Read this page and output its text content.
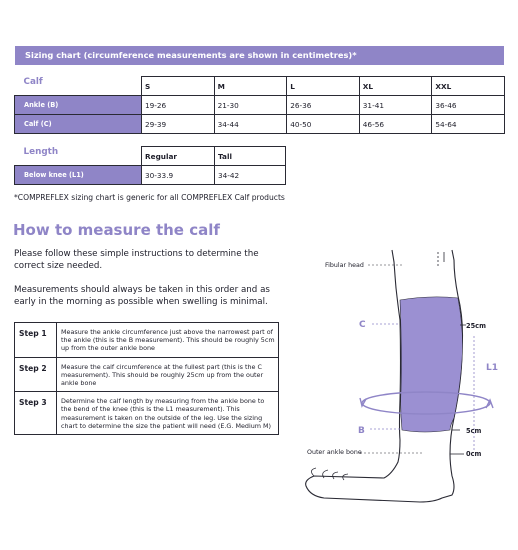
Sizing chart (circumference measurements are shown in centimetres)*
Calf	S	M	L	XL	XXL
Ankle (B)	19-26	21-30	26-36	31-41	36-46
Calf (C)	29-39	34-44	40-50	46-56	54-64
Length	Regular	Tall
Below knee (L1)	30-33.9	34-42
*COMPREFLEX sizing chart is generic for all COMPREFLEX Calf products
How to measure the calf
Please follow these simple instructions to determine the correct size needed.
Measurements should always be taken in this order and as early in the morning as possible when swelling is minimal.
Step 1	Measure the ankle circumference just above the narrowest part of the ankle (this is the B measurement). This should be roughly 5cm up from the outer ankle bone
Step 2	Measure the calf circumference at the fullest part (this is the C measurement). This should be roughly 25cm up from the outer ankle bone
Step 3	Determine the calf length by measuring from the ankle bone to the bend of the knee (this is the L1 measurement). This measurement is taken on the outside of the leg. Use the sizing chart to determine the size the patient will need (E.G. Medium M)
Fibular head
C	25cm
L1
B	5cm
Outer ankle bone	0cm
